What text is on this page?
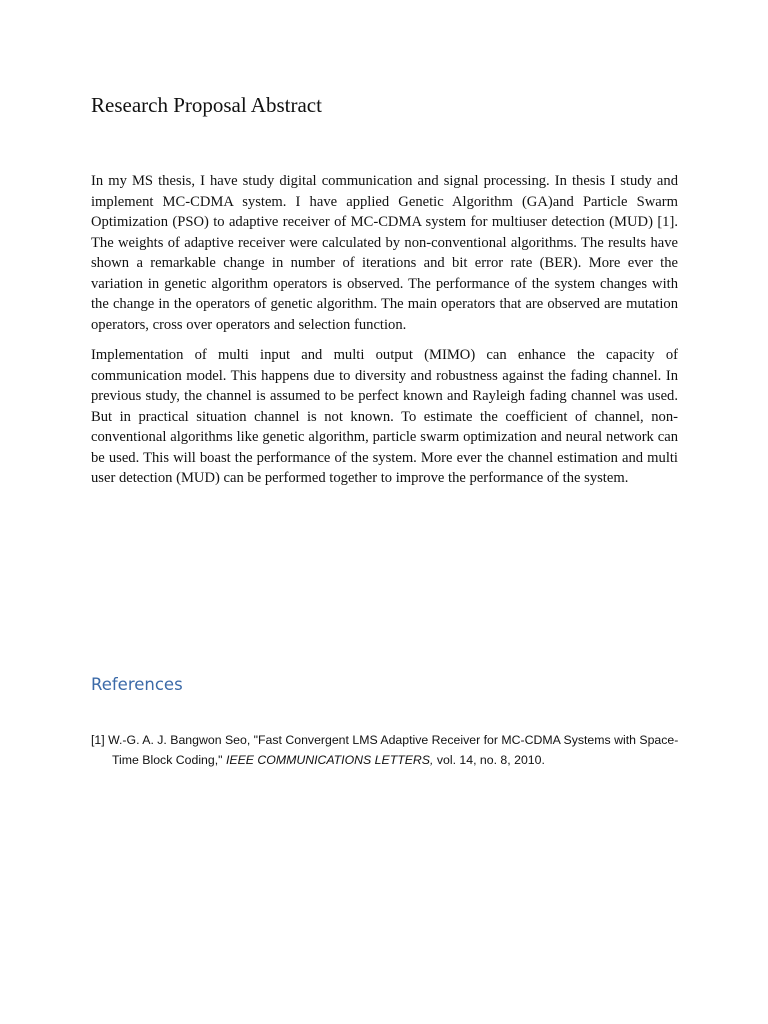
Research Proposal Abstract

In my MS thesis, I have study digital communication and signal processing. In thesis I study and implement MC-CDMA system. I have applied Genetic Algorithm (GA)and Particle Swarm Optimization (PSO) to adaptive receiver of MC-CDMA system for multiuser detection (MUD) [1]. The weights of adaptive receiver were calculated by non-conventional algorithms. The results have shown a remarkable change in number of iterations and bit error rate (BER). More ever the variation in genetic algorithm operators is observed. The performance of the system changes with the change in the operators of genetic algorithm. The main operators that are observed are mutation operators, cross over operators and selection function.

Implementation of multi input and multi output (MIMO) can enhance the capacity of communication model. This happens due to diversity and robustness against the fading channel. In previous study, the channel is assumed to be perfect known and Rayleigh fading channel was used. But in practical situation channel is not known. To estimate the coefficient of channel, non-conventional algorithms like genetic algorithm, particle swarm optimization and neural network can be used. This will boast the performance of the system. More ever the channel estimation and multi user detection (MUD) can be performed together to improve the performance of the system.

References

[1] W.-G. A. J. Bangwon Seo, "Fast Convergent LMS Adaptive Receiver for MC-CDMA Systems with Space-Time Block Coding," IEEE COMMUNICATIONS LETTERS, vol. 14, no. 8, 2010.
